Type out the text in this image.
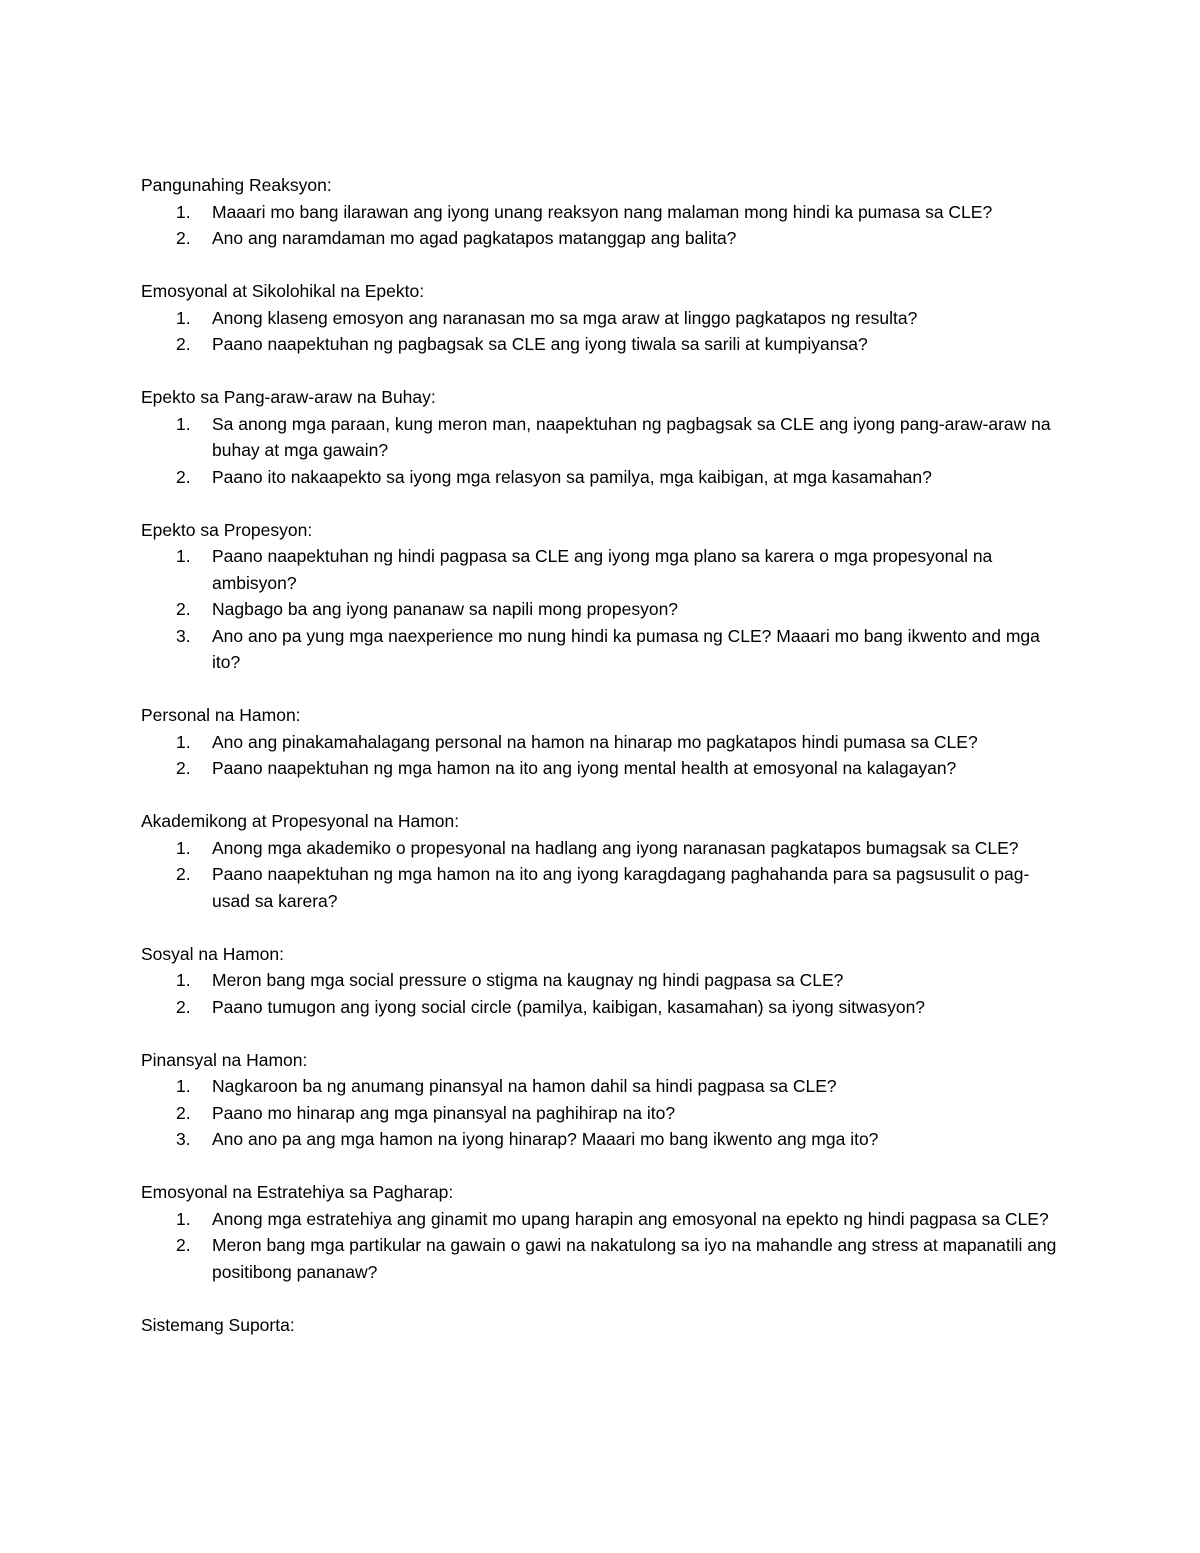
Pangunahing Reaksyon:
1. Maaari mo bang ilarawan ang iyong unang reaksyon nang malaman mong hindi ka pumasa sa CLE?
2. Ano ang naramdaman mo agad pagkatapos matanggap ang balita?
Emosyonal at Sikolohikal na Epekto:
1. Anong klaseng emosyon ang naranasan mo sa mga araw at linggo pagkatapos ng resulta?
2. Paano naapektuhan ng pagbagsak sa CLE ang iyong tiwala sa sarili at kumpiyansa?
Epekto sa Pang-araw-araw na Buhay:
1. Sa anong mga paraan, kung meron man, naapektuhan ng pagbagsak sa CLE ang iyong pang-araw-araw na buhay at mga gawain?
2. Paano ito nakaapekto sa iyong mga relasyon sa pamilya, mga kaibigan, at mga kasamahan?
Epekto sa Propesyon:
1. Paano naapektuhan ng hindi pagpasa sa CLE ang iyong mga plano sa karera o mga propesyonal na ambisyon?
2. Nagbago ba ang iyong pananaw sa napili mong propesyon?
3. Ano ano pa yung mga naexperience mo nung hindi ka pumasa ng CLE? Maaari mo bang ikwento and mga ito?
Personal na Hamon:
1. Ano ang pinakamahalagang personal na hamon na hinarap mo pagkatapos hindi pumasa sa CLE?
2. Paano naapektuhan ng mga hamon na ito ang iyong mental health at emosyonal na kalagayan?
Akademikong at Propesyonal na Hamon:
1. Anong mga akademiko o propesyonal na hadlang ang iyong naranasan pagkatapos bumagsak sa CLE?
2. Paano naapektuhan ng mga hamon na ito ang iyong karagdagang paghahanda para sa pagsusulit o pag-usad sa karera?
Sosyal na Hamon:
1. Meron bang mga social pressure o stigma na kaugnay ng hindi pagpasa sa CLE?
2. Paano tumugon ang iyong social circle (pamilya, kaibigan, kasamahan) sa iyong sitwasyon?
Pinansyal na Hamon:
1. Nagkaroon ba ng anumang pinansyal na hamon dahil sa hindi pagpasa sa CLE?
2. Paano mo hinarap ang mga pinansyal na paghihirap na ito?
3. Ano ano pa ang mga hamon na iyong hinarap? Maaari mo bang ikwento ang mga ito?
Emosyonal na Estratehiya sa Pagharap:
1. Anong mga estratehiya ang ginamit mo upang harapin ang emosyonal na epekto ng hindi pagpasa sa CLE?
2. Meron bang mga partikular na gawain o gawi na nakatulong sa iyo na mahandle ang stress at mapanatili ang positibong pananaw?
Sistemang Suporta:
